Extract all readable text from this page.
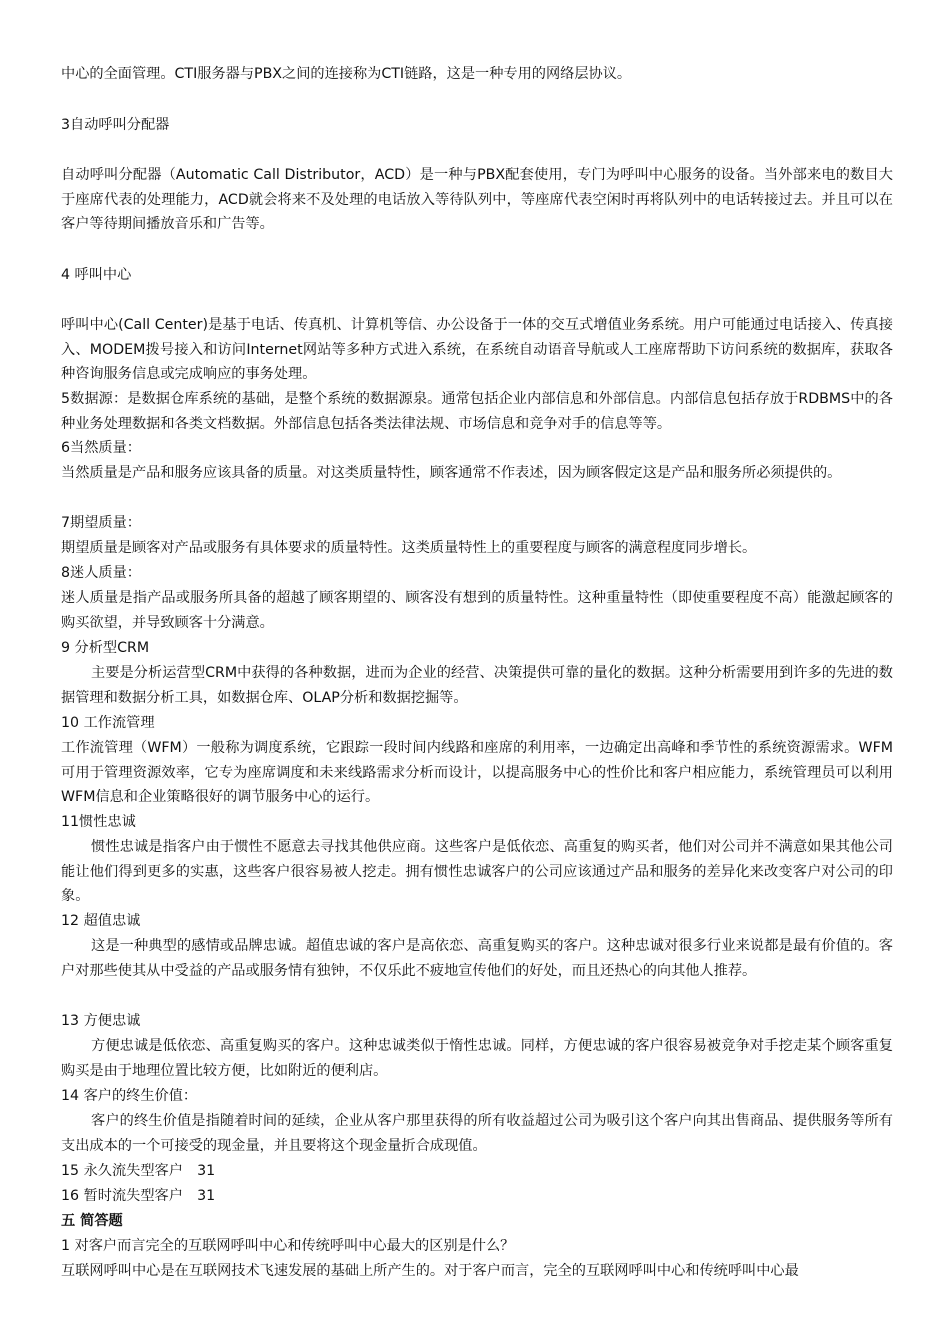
中心的全面管理。CTI服务器与PBX之间的连接称为CTI链路，这是一种专用的网络层协议。

3自动呼叫分配器

自动呼叫分配器（Automatic Call Distributor，ACD）是一种与PBX配套使用，专门为呼叫中心服务的设备。当外部来电的数目大于座席代表的处理能力，ACD就会将来不及处理的电话放入等待队列中，等座席代表空闲时再将队列中的电话转接过去。并且可以在客户等待期间播放音乐和广告等。

4 呼叫中心

呼叫中心(Call Center)是基于电话、传真机、计算机等信、办公设备于一体的交互式增值业务系统。用户可能通过电话接入、传真接入、MODEM拨号接入和访问Internet网站等多种方式进入系统，在系统自动语音导航或人工座席帮助下访问系统的数据库，获取各种咨询服务信息或完成响应的事务处理。

5数据源：是数据仓库系统的基础，是整个系统的数据源泉。通常包括企业内部信息和外部信息。内部信息包括存放于RDBMS中的各种业务处理数据和各类文档数据。外部信息包括各类法律法规、市场信息和竞争对手的信息等等。

6当然质量：

当然质量是产品和服务应该具备的质量。对这类质量特性，顾客通常不作表述，因为顾客假定这是产品和服务所必须提供的。

7期望质量：

期望质量是顾客对产品或服务有具体要求的质量特性。这类质量特性上的重要程度与顾客的满意程度同步增长。

8迷人质量：

迷人质量是指产品或服务所具备的超越了顾客期望的、顾客没有想到的质量特性。这种重量特性（即使重要程度不高）能激起顾客的购买欲望，并导致顾客十分满意。

9 分析型CRM

主要是分析运营型CRM中获得的各种数据，进而为企业的经营、决策提供可靠的量化的数据。这种分析需要用到许多的先进的数据管理和数据分析工具，如数据仓库、OLAP分析和数据挖掘等。

10 工作流管理

工作流管理（WFM）一般称为调度系统，它跟踪一段时间内线路和座席的利用率，一边确定出高峰和季节性的系统资源需求。WFM可用于管理资源效率，它专为座席调度和未来线路需求分析而设计，以提高服务中心的性价比和客户相应能力，系统管理员可以利用WFM信息和企业策略很好的调节服务中心的运行。

11惯性忠诚

惯性忠诚是指客户由于惯性不愿意去寻找其他供应商。这些客户是低依恋、高重复的购买者，他们对公司并不满意如果其他公司能让他们得到更多的实惠，这些客户很容易被人挖走。拥有惯性忠诚客户的公司应该通过产品和服务的差异化来改变客户对公司的印象。

12 超值忠诚

这是一种典型的感情或品牌忠诚。超值忠诚的客户是高依恋、高重复购买的客户。这种忠诚对很多行业来说都是最有价值的。客户对那些使其从中受益的产品或服务情有独钟，不仅乐此不疲地宣传他们的好处，而且还热心的向其他人推荐。

13 方便忠诚

方便忠诚是低依恋、高重复购买的客户。这种忠诚类似于惰性忠诚。同样，方便忠诚的客户很容易被竞争对手挖走某个顾客重复购买是由于地理位置比较方便，比如附近的便利店。

14 客户的终生价值：

客户的终生价值是指随着时间的延续，企业从客户那里获得的所有收益超过公司为吸引这个客户向其出售商品、提供服务等所有支出成本的一个可接受的现金量，并且要将这个现金量折合成现值。

15 永久流失型客户　31

16 暂时流失型客户　31

五 简答题

1 对客户而言完全的互联网呼叫中心和传统呼叫中心最大的区别是什么？

互联网呼叫中心是在互联网技术飞速发展的基础上所产生的。对于客户而言，完全的互联网呼叫中心和传统呼叫中心最
